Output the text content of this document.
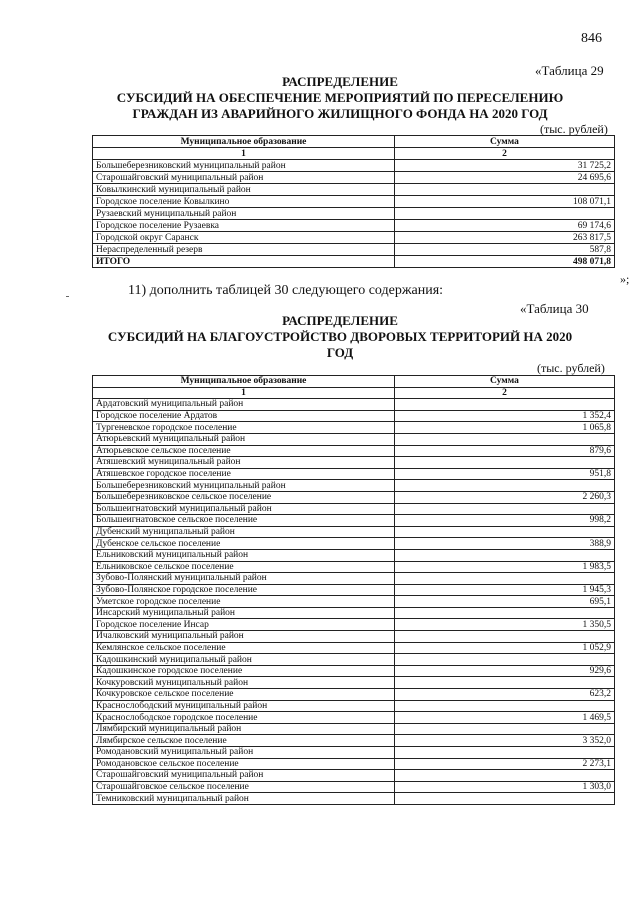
846
«Таблица 29
РАСПРЕДЕЛЕНИЕ
СУБСИДИЙ НА ОБЕСПЕЧЕНИЕ МЕРОПРИЯТИЙ ПО ПЕРЕСЕЛЕНИЮ
ГРАЖДАН ИЗ АВАРИЙНОГО ЖИЛИЩНОГО ФОНДА НА 2020 ГОД
(тыс. рублей)
Муниципальное образование	Сумма
1	2
Большеберезниковский муниципальный район	31 725,2
Старошайговский муниципальный район	24 695,6
Ковылкинский муниципальный район	
Городское поселение Ковылкино	108 071,1
Рузаевский муниципальный район	
Городское поселение Рузаевка	69 174,6
Городской округ Саранск	263 817,5
Нераспределенный резерв	587,8
ИТОГО	498 071,8
»;
11) дополнить таблицей 30 следующего содержания:
«Таблица 30
РАСПРЕДЕЛЕНИЕ
СУБСИДИЙ НА БЛАГОУСТРОЙСТВО ДВОРОВЫХ ТЕРРИТОРИЙ НА 2020
ГОД
(тыс. рублей)
Муниципальное образование	Сумма
1	2
Ардатовский муниципальный район	
Городское поселение Ардатов	1 352,4
Тургеневское городское поселение	1 065,8
Атюрьевский муниципальный район	
Атюрьевское сельское поселение	879,6
Атяшевский муниципальный район	
Атяшевское городское поселение	951,8
Большеберезниковский муниципальный район	
Большеберезниковское сельское поселение	2 260,3
Большеигнатовский муниципальный район	
Большеигнатовское сельское поселение	998,2
Дубенский муниципальный район	
Дубенское сельское поселение	388,9
Ельниковский муниципальный район	
Ельниковское сельское поселение	1 983,5
Зубово-Полянский муниципальный район	
Зубово-Полянское городское поселение	1 945,3
Уметское городское поселение	695,1
Инсарский муниципальный район	
Городское поселение Инсар	1 350,5
Ичалковский муниципальный район	
Кемлянское сельское поселение	1 052,9
Кадошкинский муниципальный район	
Кадошкинское городское поселение	929,6
Кочкуровский муниципальный район	
Кочкуровское сельское поселение	623,2
Краснослободский муниципальный район	
Краснослободское городское поселение	1 469,5
Лямбирский муниципальный район	
Лямбирское сельское поселение	3 352,0
Ромодановский муниципальный район	
Ромодановское сельское поселение	2 273,1
Старошайговский муниципальный район	
Старошайговское сельское поселение	1 303,0
Темниковский муниципальный район	
